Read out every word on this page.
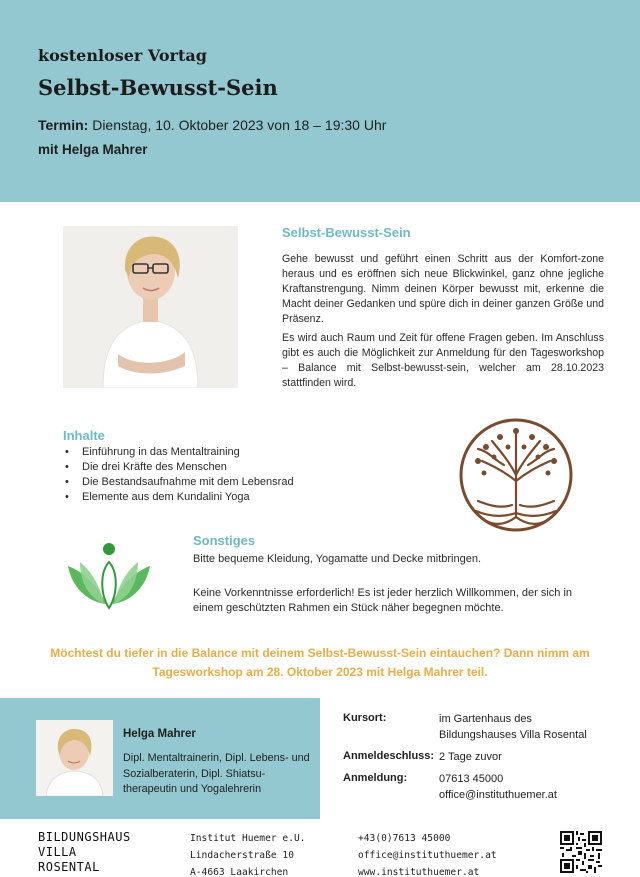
kostenloser Vortag
Selbst-Bewusst-Sein
Termin: Dienstag, 10. Oktober 2023 von 18 – 19:30 Uhr
mit Helga Mahrer
Selbst-Bewusst-Sein

Gehe bewusst und geführt einen Schritt aus der Komfort-zone heraus und es eröffnen sich neue Blickwinkel, ganz ohne jegliche Kraftanstrengung. Nimm deinen Körper bewusst mit, erkenne die Macht deiner Gedanken und spüre dich in deiner ganzen Größe und Präsenz.

Es wird auch Raum und Zeit für offene Fragen geben. Im Anschluss gibt es auch die Möglichkeit zur Anmeldung für den Tagesworkshop – Balance mit Selbst-bewusst-sein, welcher am 28.10.2023 stattfinden wird.

Inhalte
• Einführung in das Mentaltraining
• Die drei Kräfte des Menschen
• Die Bestandsaufnahme mit dem Lebensrad
• Elemente aus dem Kundalini Yoga
Sonstiges

Bitte bequeme Kleidung, Yogamatte und Decke mitbringen.

Keine Vorkenntnisse erforderlich! Es ist jeder herzlich Willkommen, der sich in einem geschützten Rahmen ein Stück näher begegnen möchte.

Möchtest du tiefer in die Balance mit deinem Selbst-Bewusst-Sein eintauchen? Dann nimm am
Tagesworkshop am 28. Oktober 2023 mit Helga Mahrer teil.
Helga Mahrer
Dipl. Mentaltrainerin, Dipl. Lebens- und Sozialberaterin, Dipl. Shiatsu- therapeutin und Yogalehrerin
Kursort:	im Gartenhaus des
Bildungshauses Villa Rosental
Anmeldeschluss: 2 Tage zuvor
Anmeldung:	07613 45000
office@instituthuemer.at
BILDUNGSHAUS
VILLA
ROSENTAL
Institut Huemer e.U.
Lindacherstraße 10
A-4663 Laakirchen
+43(0)7613 45000
office@instituthuemer.at
www.instituthuemer.at
